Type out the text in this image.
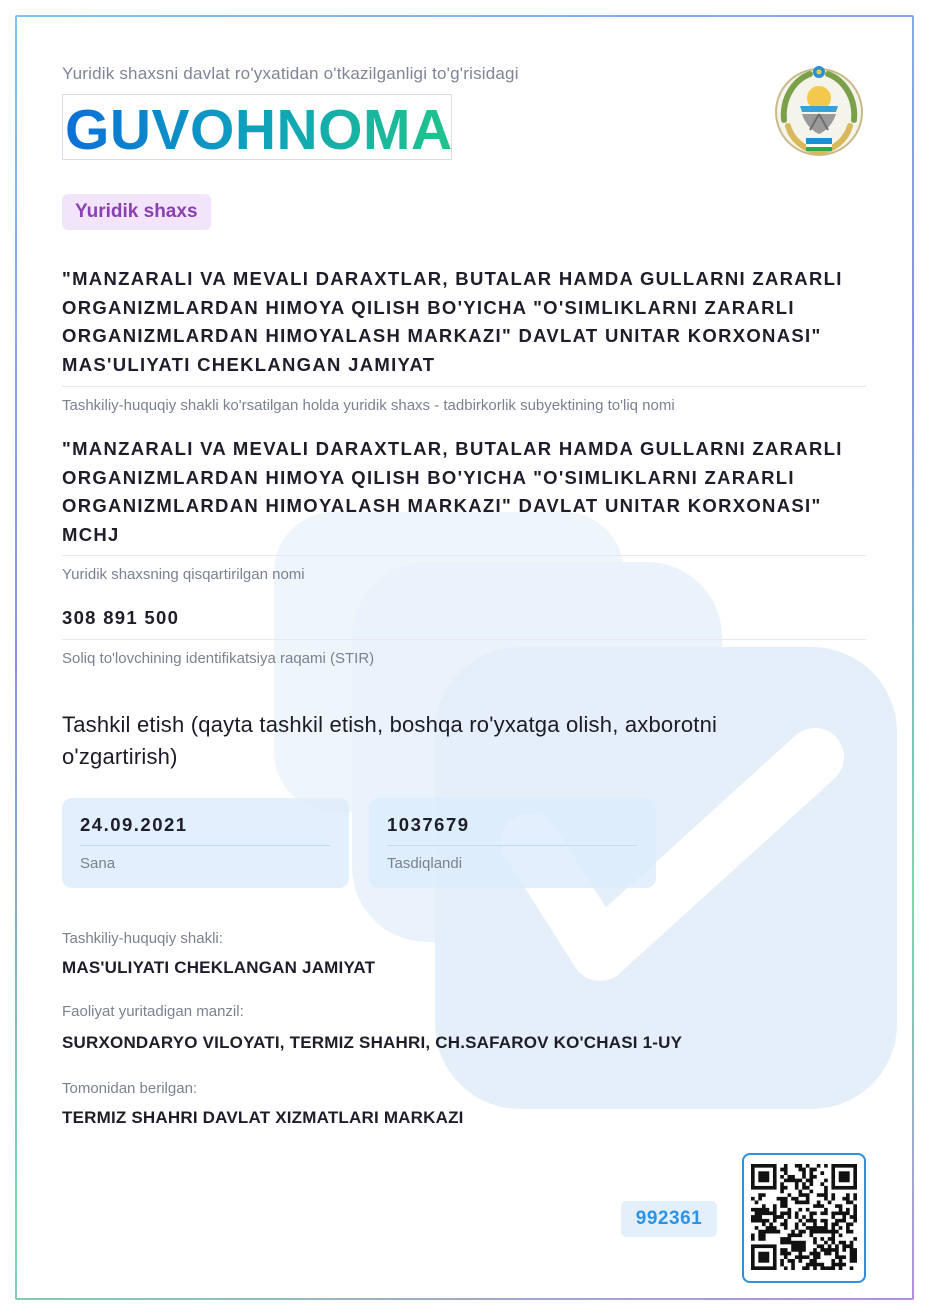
Yuridik shaxsni davlat ro'yxatidan o'tkazilganligi to'g'risidagi
GUVOHNOMA
Yuridik shaxs
"MANZARALI VA MEVALI DARAXTLAR, BUTALAR HAMDA GULLARNI ZARARLI ORGANIZMLARDAN HIMOYA QILISH BO'YICHA "O'SIMLIKLARNI ZARARLI ORGANIZMLARDAN HIMOYALASH MARKAZI" DAVLAT UNITAR KORXONASI" MAS'ULIYATI CHEKLANGAN JAMIYAT
Tashkiliy-huquqiy shakli ko'rsatilgan holda yuridik shaxs - tadbirkorlik subyektining to'liq nomi
"MANZARALI VA MEVALI DARAXTLAR, BUTALAR HAMDA GULLARNI ZARARLI ORGANIZMLARDAN HIMOYA QILISH BO'YICHA "O'SIMLIKLARNI ZARARLI ORGANIZMLARDAN HIMOYALASH MARKAZI" DAVLAT UNITAR KORXONASI" MCHJ
Yuridik shaxsning qisqartirilgan nomi
308 891 500
Soliq to'lovchining identifikatsiya raqami (STIR)
Tashkil etish (qayta tashkil etish, boshqa ro'yxatga olish, axborotni o'zgartirish)
24.09.2021
Sana
1037679
Tasdiqlandi
Tashkiliy-huquqiy shakli:
MAS'ULIYATI CHEKLANGAN JAMIYAT
Faoliyat yuritadigan manzil:
SURXONDARYO VILOYATI, TERMIZ SHAHRI, CH.SAFAROV KO'CHASI 1-UY
Tomonidan berilgan:
TERMIZ SHAHRI DAVLAT XIZMATLARI MARKAZI
992361
